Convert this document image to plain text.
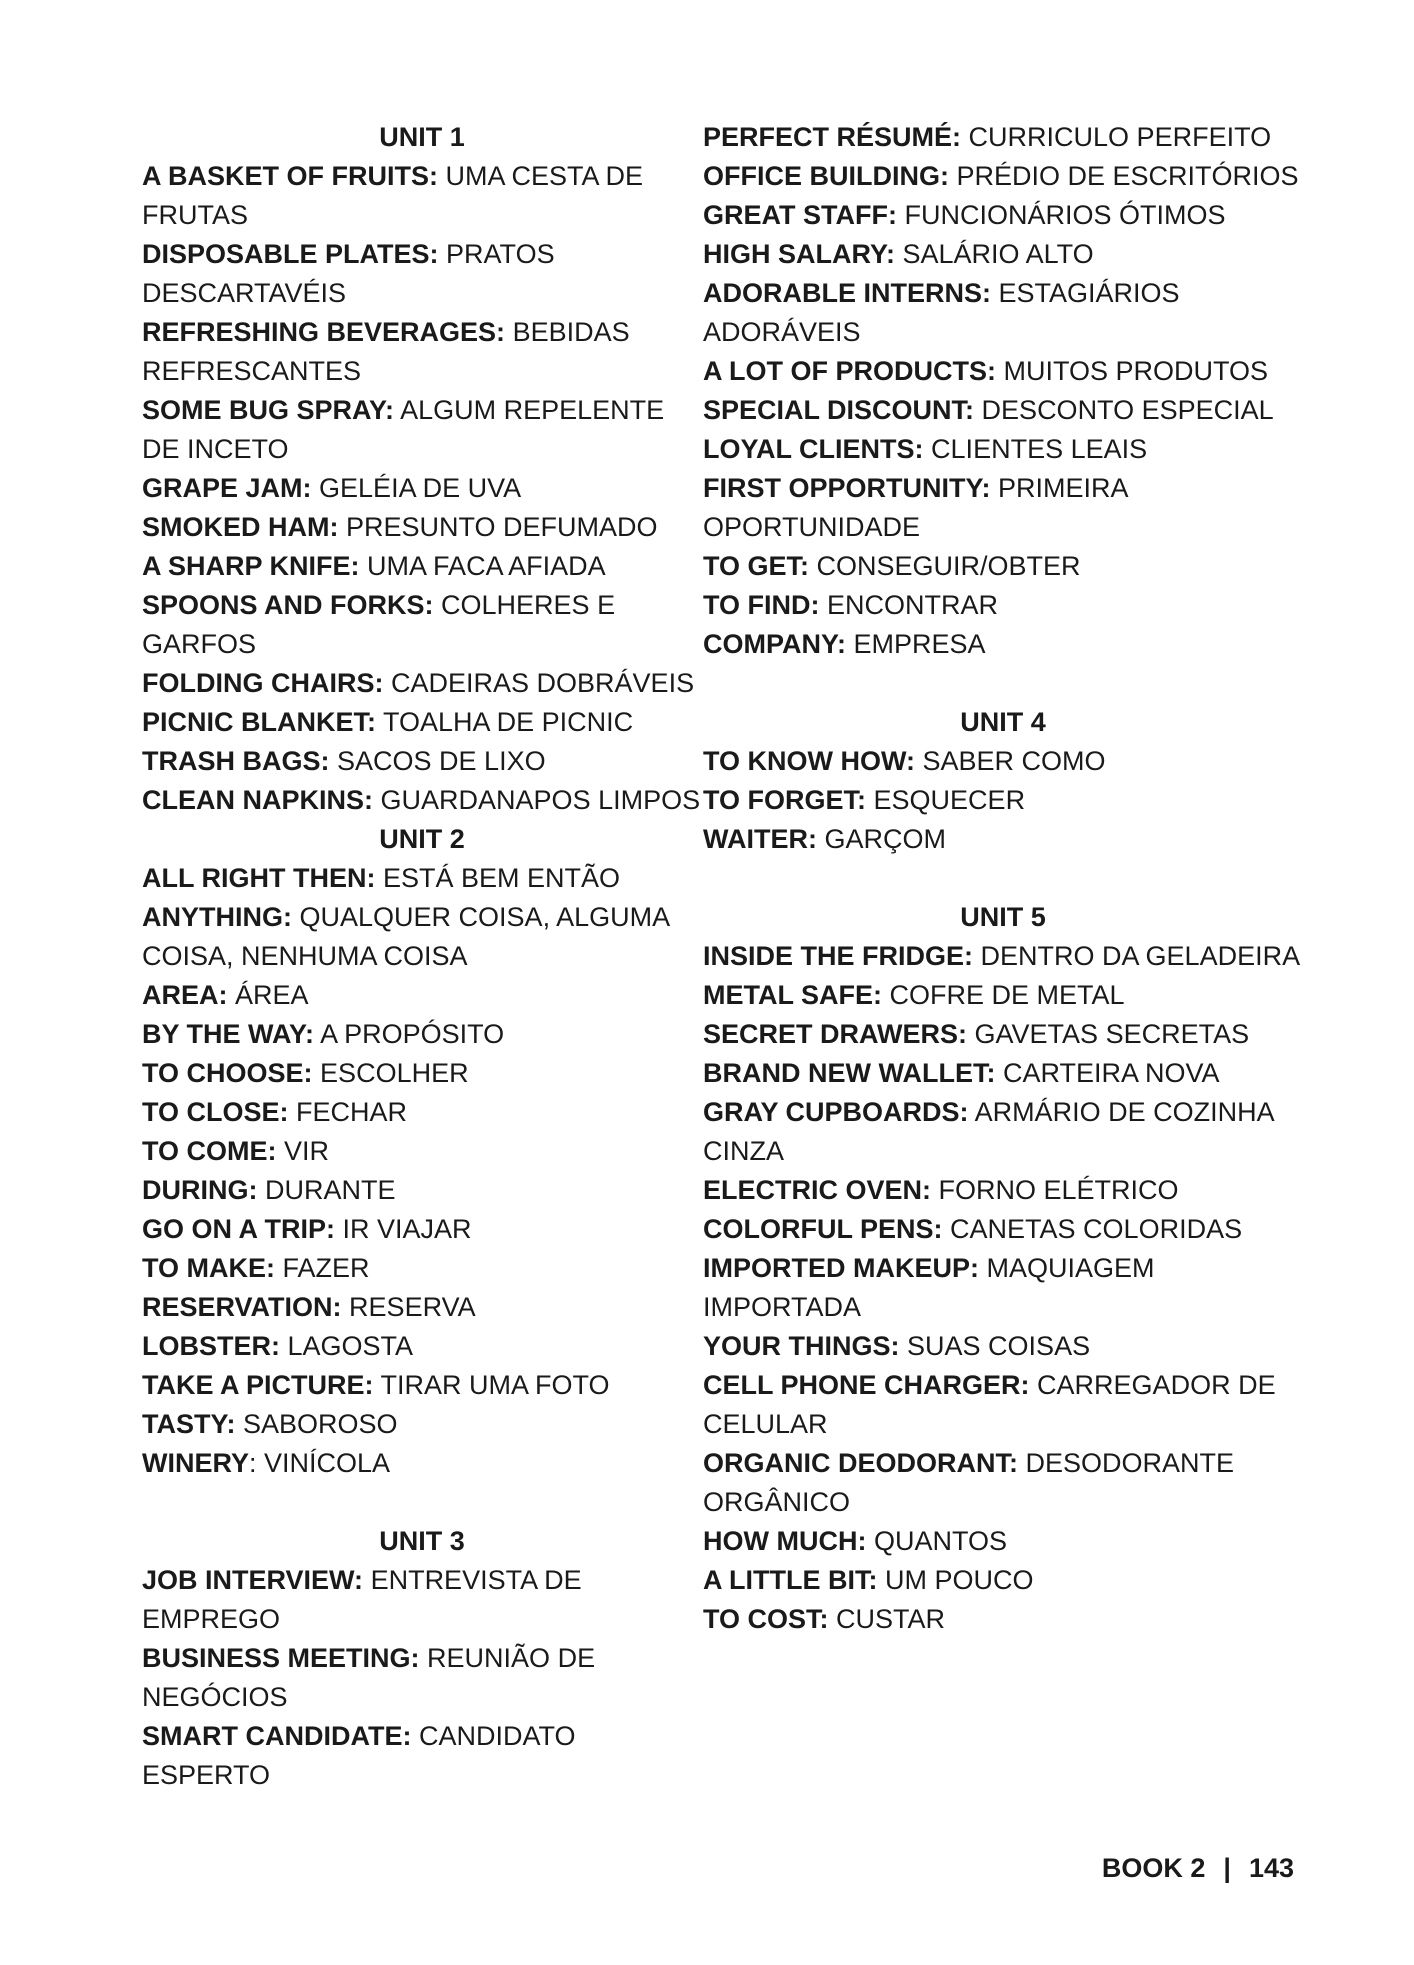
UNIT 1

A BASKET OF FRUITS: UMA CESTA DE FRUTAS

DISPOSABLE PLATES: PRATOS DESCARTAVÉIS

REFRESHING BEVERAGES: BEBIDAS REFRESCANTES

SOME BUG SPRAY: ALGUM REPELENTE DE INCETO

GRAPE JAM: GELÉIA DE UVA

SMOKED HAM: PRESUNTO DEFUMADO

A SHARP KNIFE: UMA FACA AFIADA

SPOONS AND FORKS: COLHERES E GARFOS

FOLDING CHAIRS: CADEIRAS DOBRÁVEIS

PICNIC BLANKET: TOALHA DE PICNIC

TRASH BAGS: SACOS DE LIXO

CLEAN NAPKINS: GUARDANAPOS LIMPOS

UNIT 2

ALL RIGHT THEN: ESTÁ BEM ENTÃO

ANYTHING: QUALQUER COISA, ALGUMA COISA, NENHUMA COISA

AREA: ÁREA

BY THE WAY: A PROPÓSITO

TO CHOOSE: ESCOLHER

TO CLOSE: FECHAR

TO COME: VIR

DURING: DURANTE

GO ON A TRIP: IR VIAJAR

TO MAKE: FAZER

RESERVATION: RESERVA

LOBSTER: LAGOSTA

TAKE A PICTURE: TIRAR UMA FOTO

TASTY: SABOROSO

WINERY: VINÍCOLA

UNIT 3

JOB INTERVIEW: ENTREVISTA DE EMPREGO

BUSINESS MEETING: REUNIÃO DE NEGÓCIOS

SMART CANDIDATE: CANDIDATO ESPERTO

PERFECT RÉSUMÉ: CURRICULO PERFEITO

OFFICE BUILDING: PRÉDIO DE ESCRITÓRIOS

GREAT STAFF: FUNCIONÁRIOS ÓTIMOS

HIGH SALARY: SALÁRIO ALTO

ADORABLE INTERNS: ESTAGIÁRIOS ADORÁVEIS

A LOT OF PRODUCTS: MUITOS PRODUTOS

SPECIAL DISCOUNT: DESCONTO ESPECIAL

LOYAL CLIENTS: CLIENTES LEAIS

FIRST OPPORTUNITY: PRIMEIRA OPORTUNIDADE

TO GET: CONSEGUIR/OBTER

TO FIND: ENCONTRAR

COMPANY: EMPRESA

UNIT 4

TO KNOW HOW: SABER COMO

TO FORGET: ESQUECER

WAITER: GARÇOM

UNIT 5

INSIDE THE FRIDGE: DENTRO DA GELADEIRA

METAL SAFE: COFRE DE METAL

SECRET DRAWERS: GAVETAS SECRETAS

BRAND NEW WALLET: CARTEIRA NOVA

GRAY CUPBOARDS: ARMÁRIO DE COZINHA CINZA

ELECTRIC OVEN: FORNO ELÉTRICO

COLORFUL PENS: CANETAS COLORIDAS

IMPORTED MAKEUP: MAQUIAGEM IMPORTADA

YOUR THINGS: SUAS COISAS

CELL PHONE CHARGER: CARREGADOR DE CELULAR

ORGANIC DEODORANT: DESODORANTE ORGÂNICO

HOW MUCH: QUANTOS

A LITTLE BIT: UM POUCO

TO COST: CUSTAR

BOOK 2 | 143
